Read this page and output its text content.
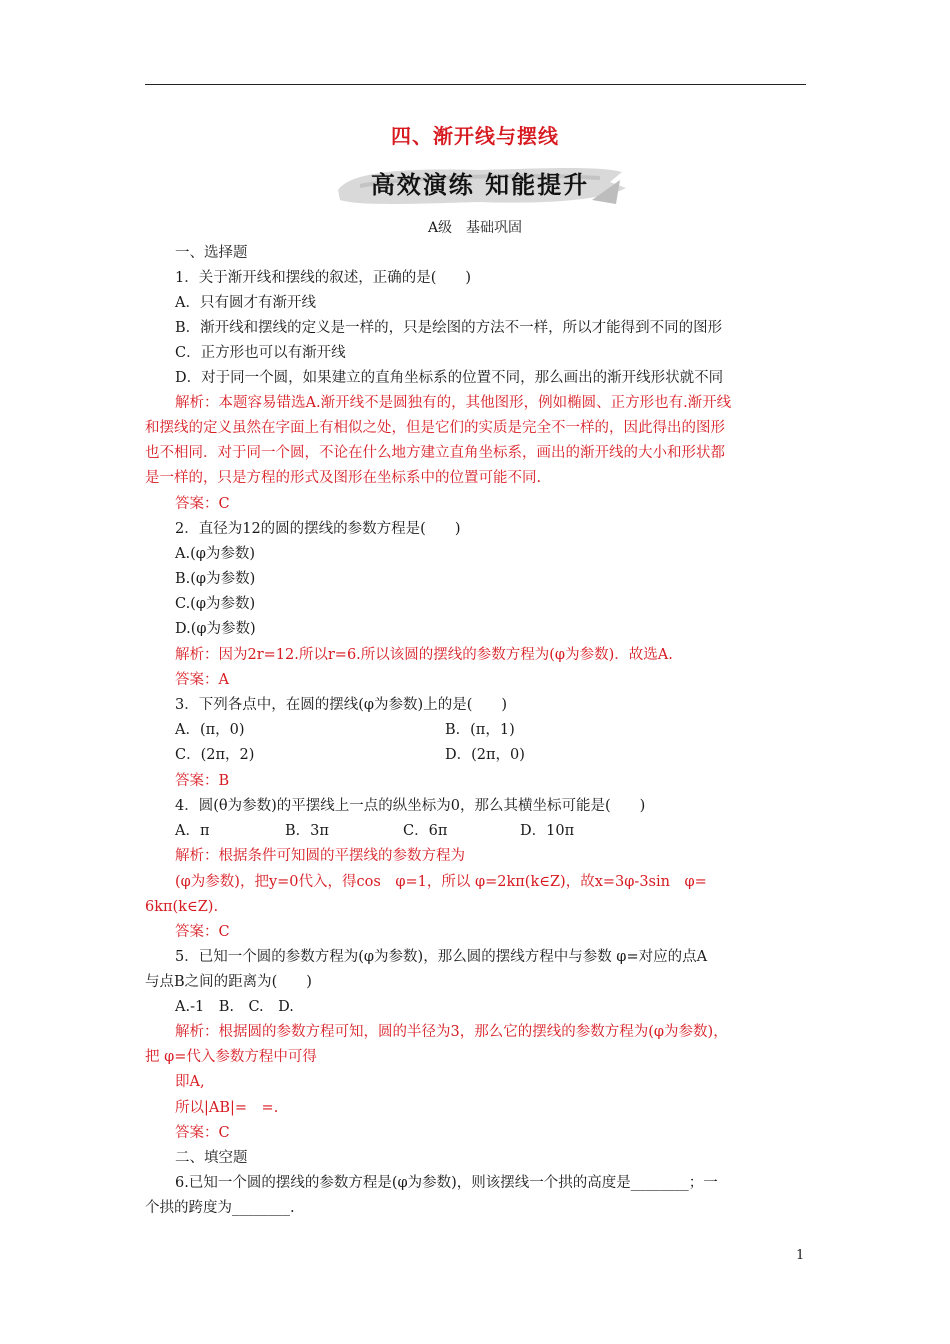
四、渐开线与摆线
高效演练 知能提升
A级　基础巩固
一、选择题
1．关于渐开线和摆线的叙述，正确的是(　　)
A．只有圆才有渐开线
B．渐开线和摆线的定义是一样的，只是绘图的方法不一样，所以才能得到不同的图形
C．正方形也可以有渐开线
D．对于同一个圆，如果建立的直角坐标系的位置不同，那么画出的渐开线形状就不同
解析：本题容易错选A.渐开线不是圆独有的，其他图形，例如椭圆、正方形也有.渐开线
和摆线的定义虽然在字面上有相似之处，但是它们的实质是完全不一样的，因此得出的图形
也不相同．对于同一个圆，不论在什么地方建立直角坐标系，画出的渐开线的大小和形状都
是一样的，只是方程的形式及图形在坐标系中的位置可能不同.
答案：C
2．直径为12的圆的摆线的参数方程是(　　)
A.(φ为参数)
B.(φ为参数)
C.(φ为参数)
D.(φ为参数)
解析：因为2r=12.所以r=6.所以该圆的摆线的参数方程为(φ为参数)．故选A.
答案：A
3．下列各点中，在圆的摆线(φ为参数)上的是(　　)
A．(π，0)	B．(π，1)
C．(2π，2)	D．(2π，0)
答案：B
4．圆(θ为参数)的平摆线上一点的纵坐标为0，那么其横坐标可能是(　　)
A．π	B．3π	C．6π	D．10π
解析：根据条件可知圆的平摆线的参数方程为
(φ为参数)，把y=0代入，得cos　φ=1，所以 φ=2kπ(k∈Z)，故x=3φ-3sin　φ=
6kπ(k∈Z).
答案：C
5．已知一个圆的参数方程为(φ为参数)，那么圆的摆线方程中与参数 φ=对应的点A
与点B之间的距离为(　　)
A.-1　B.　C.　D.
解析：根据圆的参数方程可知，圆的半径为3，那么它的摆线的参数方程为(φ为参数)，
把 φ=代入参数方程中可得
即A,
所以|AB|=　=.
答案：C
二、填空题
6.已知一个圆的摆线的参数方程是(φ为参数)，则该摆线一个拱的高度是________；一
个拱的跨度为________.
1
